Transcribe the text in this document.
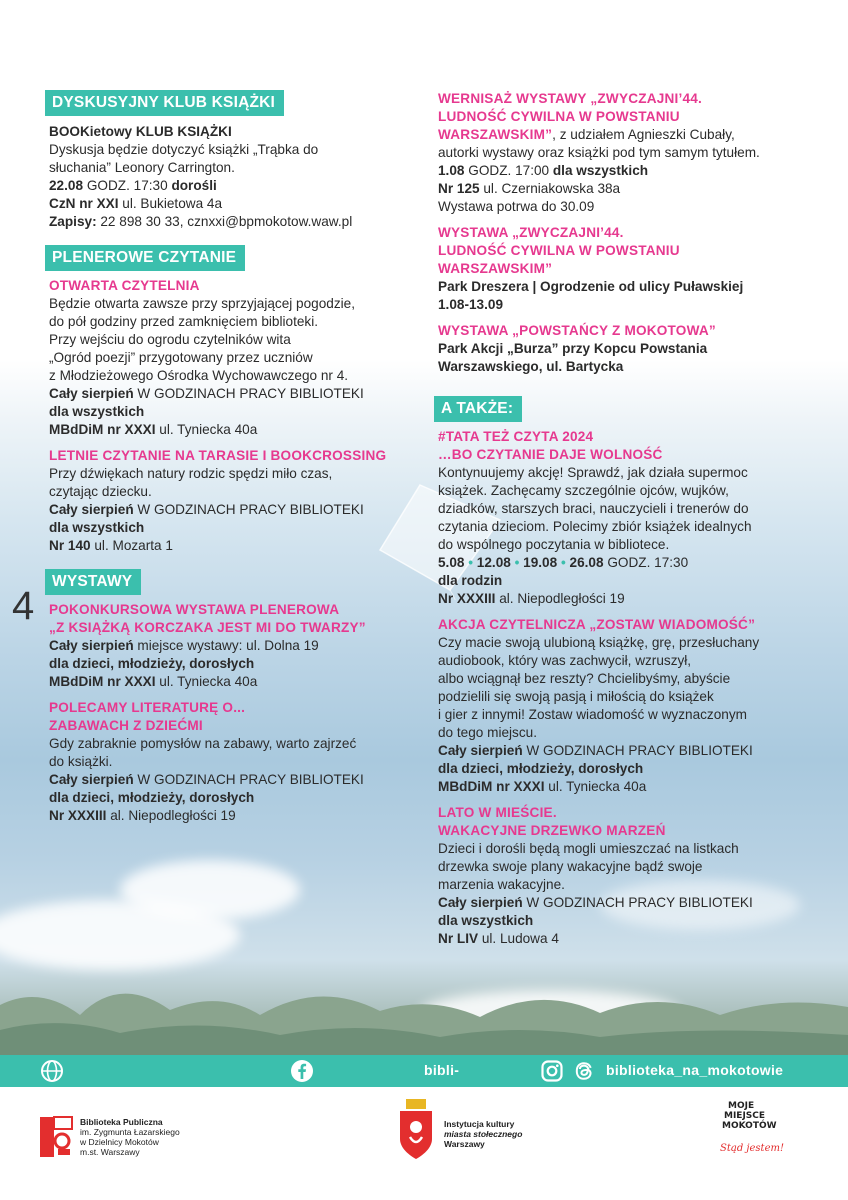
DYSKUSYJNY KLUB KSIĄŻKI
BOOKietowy KLUB KSIĄŻKI
Dyskusja będzie dotyczyć książki „Trąbka do
słuchania” Leonory Carrington.
22.08 GODZ. 17:30 dorośli
CzN nr XXI ul. Bukietowa 4a
Zapisy: 22 898 30 33, cznxxi@bpmokotow.waw.pl
PLENEROWE CZYTANIE
OTWARTA CZYTELNIA
Będzie otwarta zawsze przy sprzyjającej pogodzie,
do pół godziny przed zamknięciem biblioteki.
Przy wejściu do ogrodu czytelników wita
„Ogród poezji” przygotowany przez uczniów
z Młodzieżowego Ośrodka Wychowawczego nr 4.
Cały sierpień W GODZINACH PRACY BIBLIOTEKI
dla wszystkich
MBdDiM nr XXXI ul. Tyniecka 40a
LETNIE CZYTANIE NA TARASIE I BOOKCROSSING
Przy dźwiękach natury rodzic spędzi miło czas,
czytając dziecku.
Cały sierpień W GODZINACH PRACY BIBLIOTEKI
dla wszystkich
Nr 140 ul. Mozarta 1
WYSTAWY
POKONKURSOWA WYSTAWA PLENEROWA
„Z KSIĄŻKĄ KORCZAKA JEST MI DO TWARZY”
Cały sierpień miejsce wystawy: ul. Dolna 19
dla dzieci, młodzieży, dorosłych
MBdDiM nr XXXI ul. Tyniecka 40a
POLECAMY LITERATURĘ O...
ZABAWACH Z DZIEĆMI
Gdy zabraknie pomysłów na zabawy, warto zajrzeć
do książki.
Cały sierpień W GODZINACH PRACY BIBLIOTEKI
dla dzieci, młodzieży, dorosłych
Nr XXXIII al. Niepodległości 19
4
WERNISAŻ WYSTAWY „ZWYCZAJNI’44.
LUDNOŚĆ CYWILNA W POWSTANIU
WARSZAWSKIM”, z udziałem Agnieszki Cubały,
autorki wystawy oraz książki pod tym samym tytułem.
1.08 GODZ. 17:00 dla wszystkich
Nr 125 ul. Czerniakowska 38a
Wystawa potrwa do 30.09
WYSTAWA „ZWYCZAJNI’44.
LUDNOŚĆ CYWILNA W POWSTANIU
WARSZAWSKIM”
Park Dreszera | Ogrodzenie od ulicy Puławskiej
1.08-13.09
WYSTAWA „POWSTAŃCY Z MOKOTOWA”
Park Akcji „Burza” przy Kopcu Powstania
Warszawskiego, ul. Bartycka
A TAKŻE:
#TATA TEŻ CZYTA 2024
…BO CZYTANIE DAJE WOLNOŚĆ
Kontynuujemy akcję! Sprawdź, jak działa supermoc
książek. Zachęcamy szczególnie ojców, wujków,
dziadków, starszych braci, nauczycieli i trenerów do
czytania dzieciom. Polecimy zbiór książek idealnych
do wspólnego poczytania w bibliotece.
5.08 • 12.08 • 19.08 • 26.08 GODZ. 17:30
dla rodzin
Nr XXXIII al. Niepodległości 19
AKCJA CZYTELNICZA „ZOSTAW WIADOMOŚĆ”
Czy macie swoją ulubioną książkę, grę, przesłuchany
audiobook, który was zachwycił, wzruszył,
albo wciągnął bez reszty? Chcielibyśmy, abyście
podzielili się swoją pasją i miłością do książek
i gier z innymi! Zostaw wiadomość w wyznaczonym
do tego miejscu.
Cały sierpień W GODZINACH PRACY BIBLIOTEKI
dla dzieci, młodzieży, dorosłych
MBdDiM nr XXXI ul. Tyniecka 40a
LATO W MIEŚCIE.
WAKACYJNE DRZEWKO MARZEŃ
Dzieci i dorośli będą mogli umieszczać na listkach
drzewka swoje plany wakacyjne bądź swoje
marzenia wakacyjne.
Cały sierpień W GODZINACH PRACY BIBLIOTEKI
dla wszystkich
Nr LIV ul. Ludowa 4
bibli-	biblioteka_na_mokotowie
Biblioteka Publiczna
im. Zygmunta Łazarskiego
w Dzielnicy Mokotów
m.st. Warszawy
Instytucja kultury
miasta stołecznego
Warszawy
MOJE
MIEJSCE
MOKOTÓW
Stąd jestem!
